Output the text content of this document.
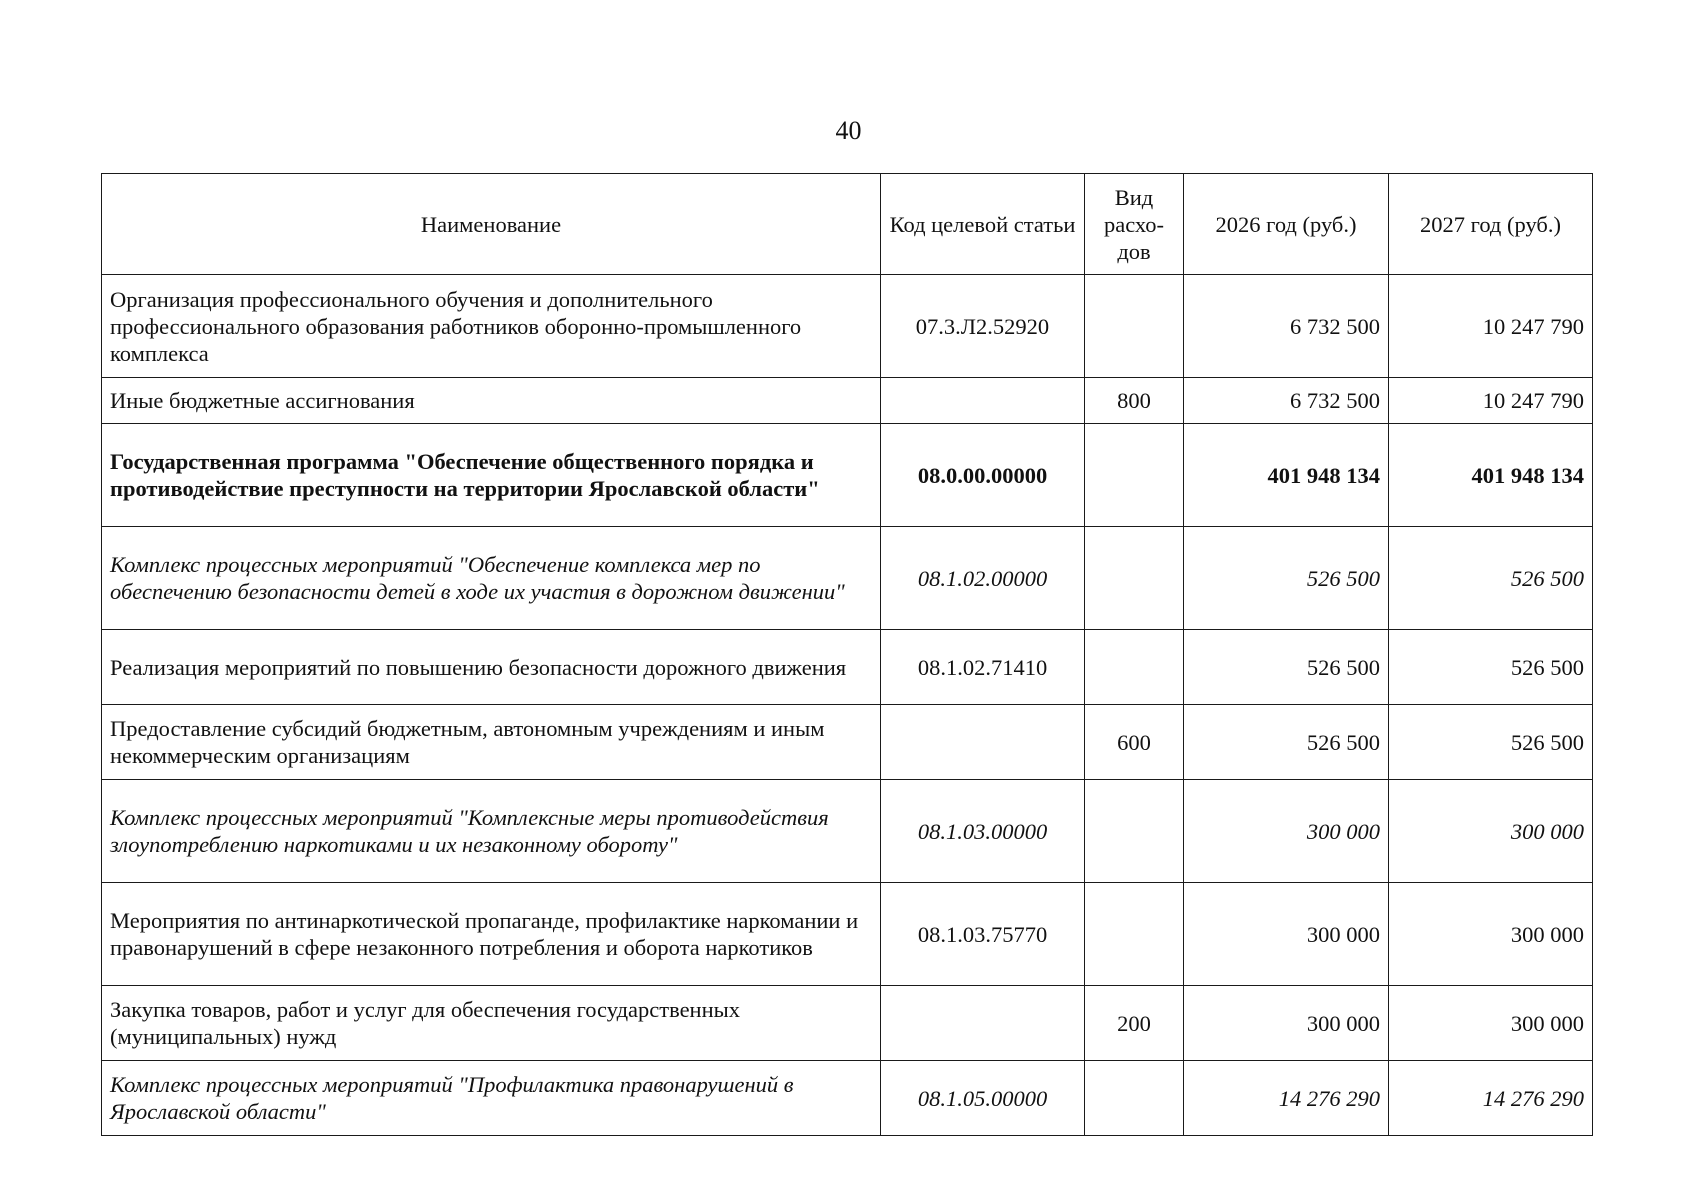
40
Наименование	Код целевой статьи	Вид расхо-дов	2026 год (руб.)	2027 год (руб.)
Организация профессионального обучения и дополнительного профессионального образования работников оборонно-промышленного комплекса	07.3.Л2.52920		6 732 500	10 247 790
Иные бюджетные ассигнования		800	6 732 500	10 247 790
Государственная программа "Обеспечение общественного порядка и противодействие преступности на территории Ярославской области"	08.0.00.00000		401 948 134	401 948 134
Комплекс процессных мероприятий "Обеспечение комплекса мер по обеспечению безопасности детей в ходе их участия в дорожном движении"	08.1.02.00000		526 500	526 500
Реализация мероприятий по повышению безопасности дорожного движения	08.1.02.71410		526 500	526 500
Предоставление субсидий бюджетным, автономным учреждениям и иным некоммерческим организациям		600	526 500	526 500
Комплекс процессных мероприятий "Комплексные меры противодействия злоупотреблению наркотиками и их незаконному обороту"	08.1.03.00000		300 000	300 000
Мероприятия по антинаркотической пропаганде, профилактике наркомании и правонарушений в сфере незаконного потребления и оборота наркотиков	08.1.03.75770		300 000	300 000
Закупка товаров, работ и услуг для обеспечения государственных (муниципальных) нужд		200	300 000	300 000
Комплекс процессных мероприятий "Профилактика правонарушений в Ярославской области"	08.1.05.00000		14 276 290	14 276 290
